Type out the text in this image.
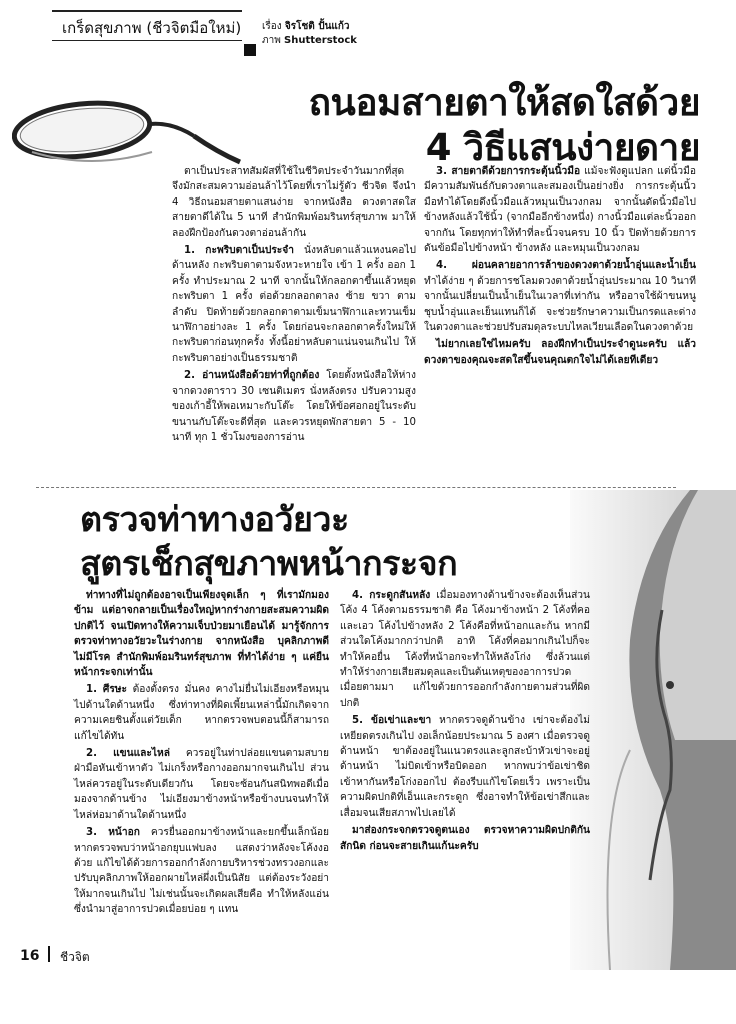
เกร็ดสุขภาพ (ชีวจิตมือใหม่) เรื่อง จิรโชติ ปั้นแก้ว
ภาพ Shutterstock
ถนอมสายตาให้สดใสด้วย
4 วิธีแสนง่ายดาย

ตาเป็นประสาทสัมผัสที่ใช้ในชีวิตประจำวันมากที่สุด จึงมักสะสมความอ่อนล้าไว้โดยที่เราไม่รู้ตัว ชีวจิต จึงนำ 4 วิธีถนอมสายตาแสนง่าย จากหนังสือ ดวงตาสดใส สายตาดีได้ใน 5 นาที สำนักพิมพ์อมรินทร์สุขภาพ มาให้ลองฝึกป้องกันดวงตาอ่อนล้ากัน

1. กะพริบตาเป็นประจำ นั่งหลับตาแล้วแหงนคอไปด้านหลัง กะพริบตาตามจังหวะหายใจ เข้า 1 ครั้ง ออก 1 ครั้ง ทำประมาณ 2 นาที จากนั้นให้กลอกตาขึ้นแล้วหยุด กะพริบตา 1 ครั้ง ต่อด้วยกลอกตาลง ซ้าย ขวา ตามลำดับ ปิดท้ายด้วยกลอกตาตามเข็มนาฬิกาและทวนเข็มนาฬิกาอย่างละ 1 ครั้ง โดยก่อนจะกลอกตาครั้งใหม่ให้กะพริบตาก่อนทุกครั้ง ทั้งนี้อย่าหลับตาแน่นจนเกินไป ให้กะพริบตาอย่างเป็นธรรมชาติ

2. อ่านหนังสือด้วยท่าที่ถูกต้อง โดยตั้งหนังสือให้ห่างจากดวงตาราว 30 เซนติเมตร นั่งหลังตรง ปรับความสูงของเก้าอี้ให้พอเหมาะกับโต๊ะ โดยให้ข้อศอกอยู่ในระดับขนานกับโต๊ะจะดีที่สุด และควรหยุดพักสายตา 5 - 10 นาที ทุก 1 ชั่วโมงของการอ่าน

3. สายตาดีด้วยการกระตุ้นนิ้วมือ แม้จะฟังดูแปลก แต่นิ้วมือมีความสัมพันธ์กับดวงตาและสมองเป็นอย่างยิ่ง การกระตุ้นนิ้วมือทำได้โดยดึงนิ้วมือแล้วหมุนเป็นวงกลม จากนั้นดัดนิ้วมือไปข้างหลังแล้วใช้นิ้ว (จากมืออีกข้างหนึ่ง) กางนิ้วมือแต่ละนิ้วออกจากกัน โดยทุกท่าให้ทำที่ละนิ้วจนครบ 10 นิ้ว ปิดท้ายด้วยการดันข้อมือไปข้างหน้า ข้างหลัง และหมุนเป็นวงกลม

4. ผ่อนคลายอาการล้าของดวงตาด้วยน้ำอุ่นและน้ำเย็น ทำได้ง่าย ๆ ด้วยการชโลมดวงตาด้วยน้ำอุ่นประมาณ 10 วินาที จากนั้นเปลี่ยนเป็นน้ำเย็นในเวลาที่เท่ากัน หรืออาจใช้ผ้าขนหนูชุบน้ำอุ่นและเย็นแทนก็ได้ จะช่วยรักษาความเป็นกรดและด่างในดวงตาและช่วยปรับสมดุลระบบไหลเวียนเลือดในดวงตาด้วย

ไม่ยากเลยใช่ไหมครับ ลองฝึกทำเป็นประจำดูนะครับ แล้วดวงตาของคุณจะสดใสขึ้นจนคุณตกใจไม่ได้เลยทีเดียว

ตรวจท่าทางอวัยวะ
สูตรเช็กสุขภาพหน้ากระจก

ท่าทางที่ไม่ถูกต้องอาจเป็นเพียงจุดเล็ก ๆ ที่เรามักมองข้าม แต่อาจกลายเป็นเรื่องใหญ่หากร่างกายสะสมความผิดปกติไว้ จนเปิดทางให้ความเจ็บป่วยมาเยือนได้ มารู้จักการตรวจท่าทางอวัยวะในร่างกาย จากหนังสือ บุคลิกภาพดี ไม่มีโรค สำนักพิมพ์อมรินทร์สุขภาพ ที่ทำได้ง่าย ๆ แค่ยืนหน้ากระจกเท่านั้น

1. ศีรษะ ต้องตั้งตรง มั่นคง คางไม่ยื่นไม่เอียงหรือหมุนไปด้านใดด้านหนึ่ง ซึ่งท่าทางที่ผิดเพี้ยนเหล่านี้มักเกิดจากความเคยชินตั้งแต่วัยเด็ก หากตรวจพบตอนนี้ก็สามารถแก้ไขได้ทัน

2. แขนและไหล่ ควรอยู่ในท่าปล่อยแขนตามสบาย ฝ่ามือหันเข้าหาตัว ไม่เกร็งหรือกางออกมากจนเกินไป ส่วนไหล่ควรอยู่ในระดับเดียวกัน โดยจะซ้อนกันสนิทพอดีเมื่อมองจากด้านข้าง ไม่เอียงมาข้างหน้าหรือข้างบนจนทำให้ไหล่ห่อมาด้านใดด้านหนึ่ง

3. หน้าอก ควรยื่นออกมาข้างหน้าและยกขึ้นเล็กน้อย หากตรวจพบว่าหน้าอกยุบแฟบลง แสดงว่าหลังจะโค้งงอด้วย แก้ไขได้ด้วยการออกกำลังกายบริหารช่วงทรวงอกและปรับบุคลิกภาพให้ออกผายไหล่ผึ่งเป็นนิสัย แต่ต้องระวังอย่าให้มากจนเกินไป ไม่เช่นนั้นจะเกิดผลเสียคือ ทำให้หลังแอ่น ซึ่งนำมาสู่อาการปวดเมื่อยบ่อย ๆ แทน

4. กระดูกสันหลัง เมื่อมองทางด้านข้างจะต้องเห็นส่วนโค้ง 4 โค้งตามธรรมชาติ คือ โค้งมาข้างหน้า 2 โค้งที่คอและเอว โค้งไปข้างหลัง 2 โค้งคือที่หน้าอกและก้น หากมีส่วนใดโค้งมากกว่าปกติ อาทิ โค้งที่คอมากเกินไปก็จะทำให้คอยื่น โค้งที่หน้าอกจะทำให้หลังโก่ง ซึ่งล้วนแต่ทำให้ร่างกายเสียสมดุลและเป็นต้นเหตุของอาการปวดเมื่อยตามมา แก้ไขด้วยการออกกำลังกายตามส่วนที่ผิดปกติ

5. ข้อเข่าและขา หากตรวจดูด้านข้าง เข่าจะต้องไม่เหยียดตรงเกินไป งอเล็กน้อยประมาณ 5 องศา เมื่อตรวจดูด้านหน้า ขาต้องอยู่ในแนวตรงและลูกสะบ้าหัวเข่าจะอยู่ด้านหน้า ไม่บิดเข้าหรือบิดออก หากพบว่าข้อเข่าชิดเข้าหากันหรือโก่งออกไป ต้องรีบแก้ไขโดยเร็ว เพราะเป็นความผิดปกติที่เอ็นและกระดูก ซึ่งอาจทำให้ข้อเข่าสึกและเสื่อมจนเสียสภาพไปเลยได้

มาส่องกระจกตรวจดูตนเอง ตรวจหาความผิดปกติกันสักนิด ก่อนจะสายเกินแก้นะครับ

16 ชีวจิต
